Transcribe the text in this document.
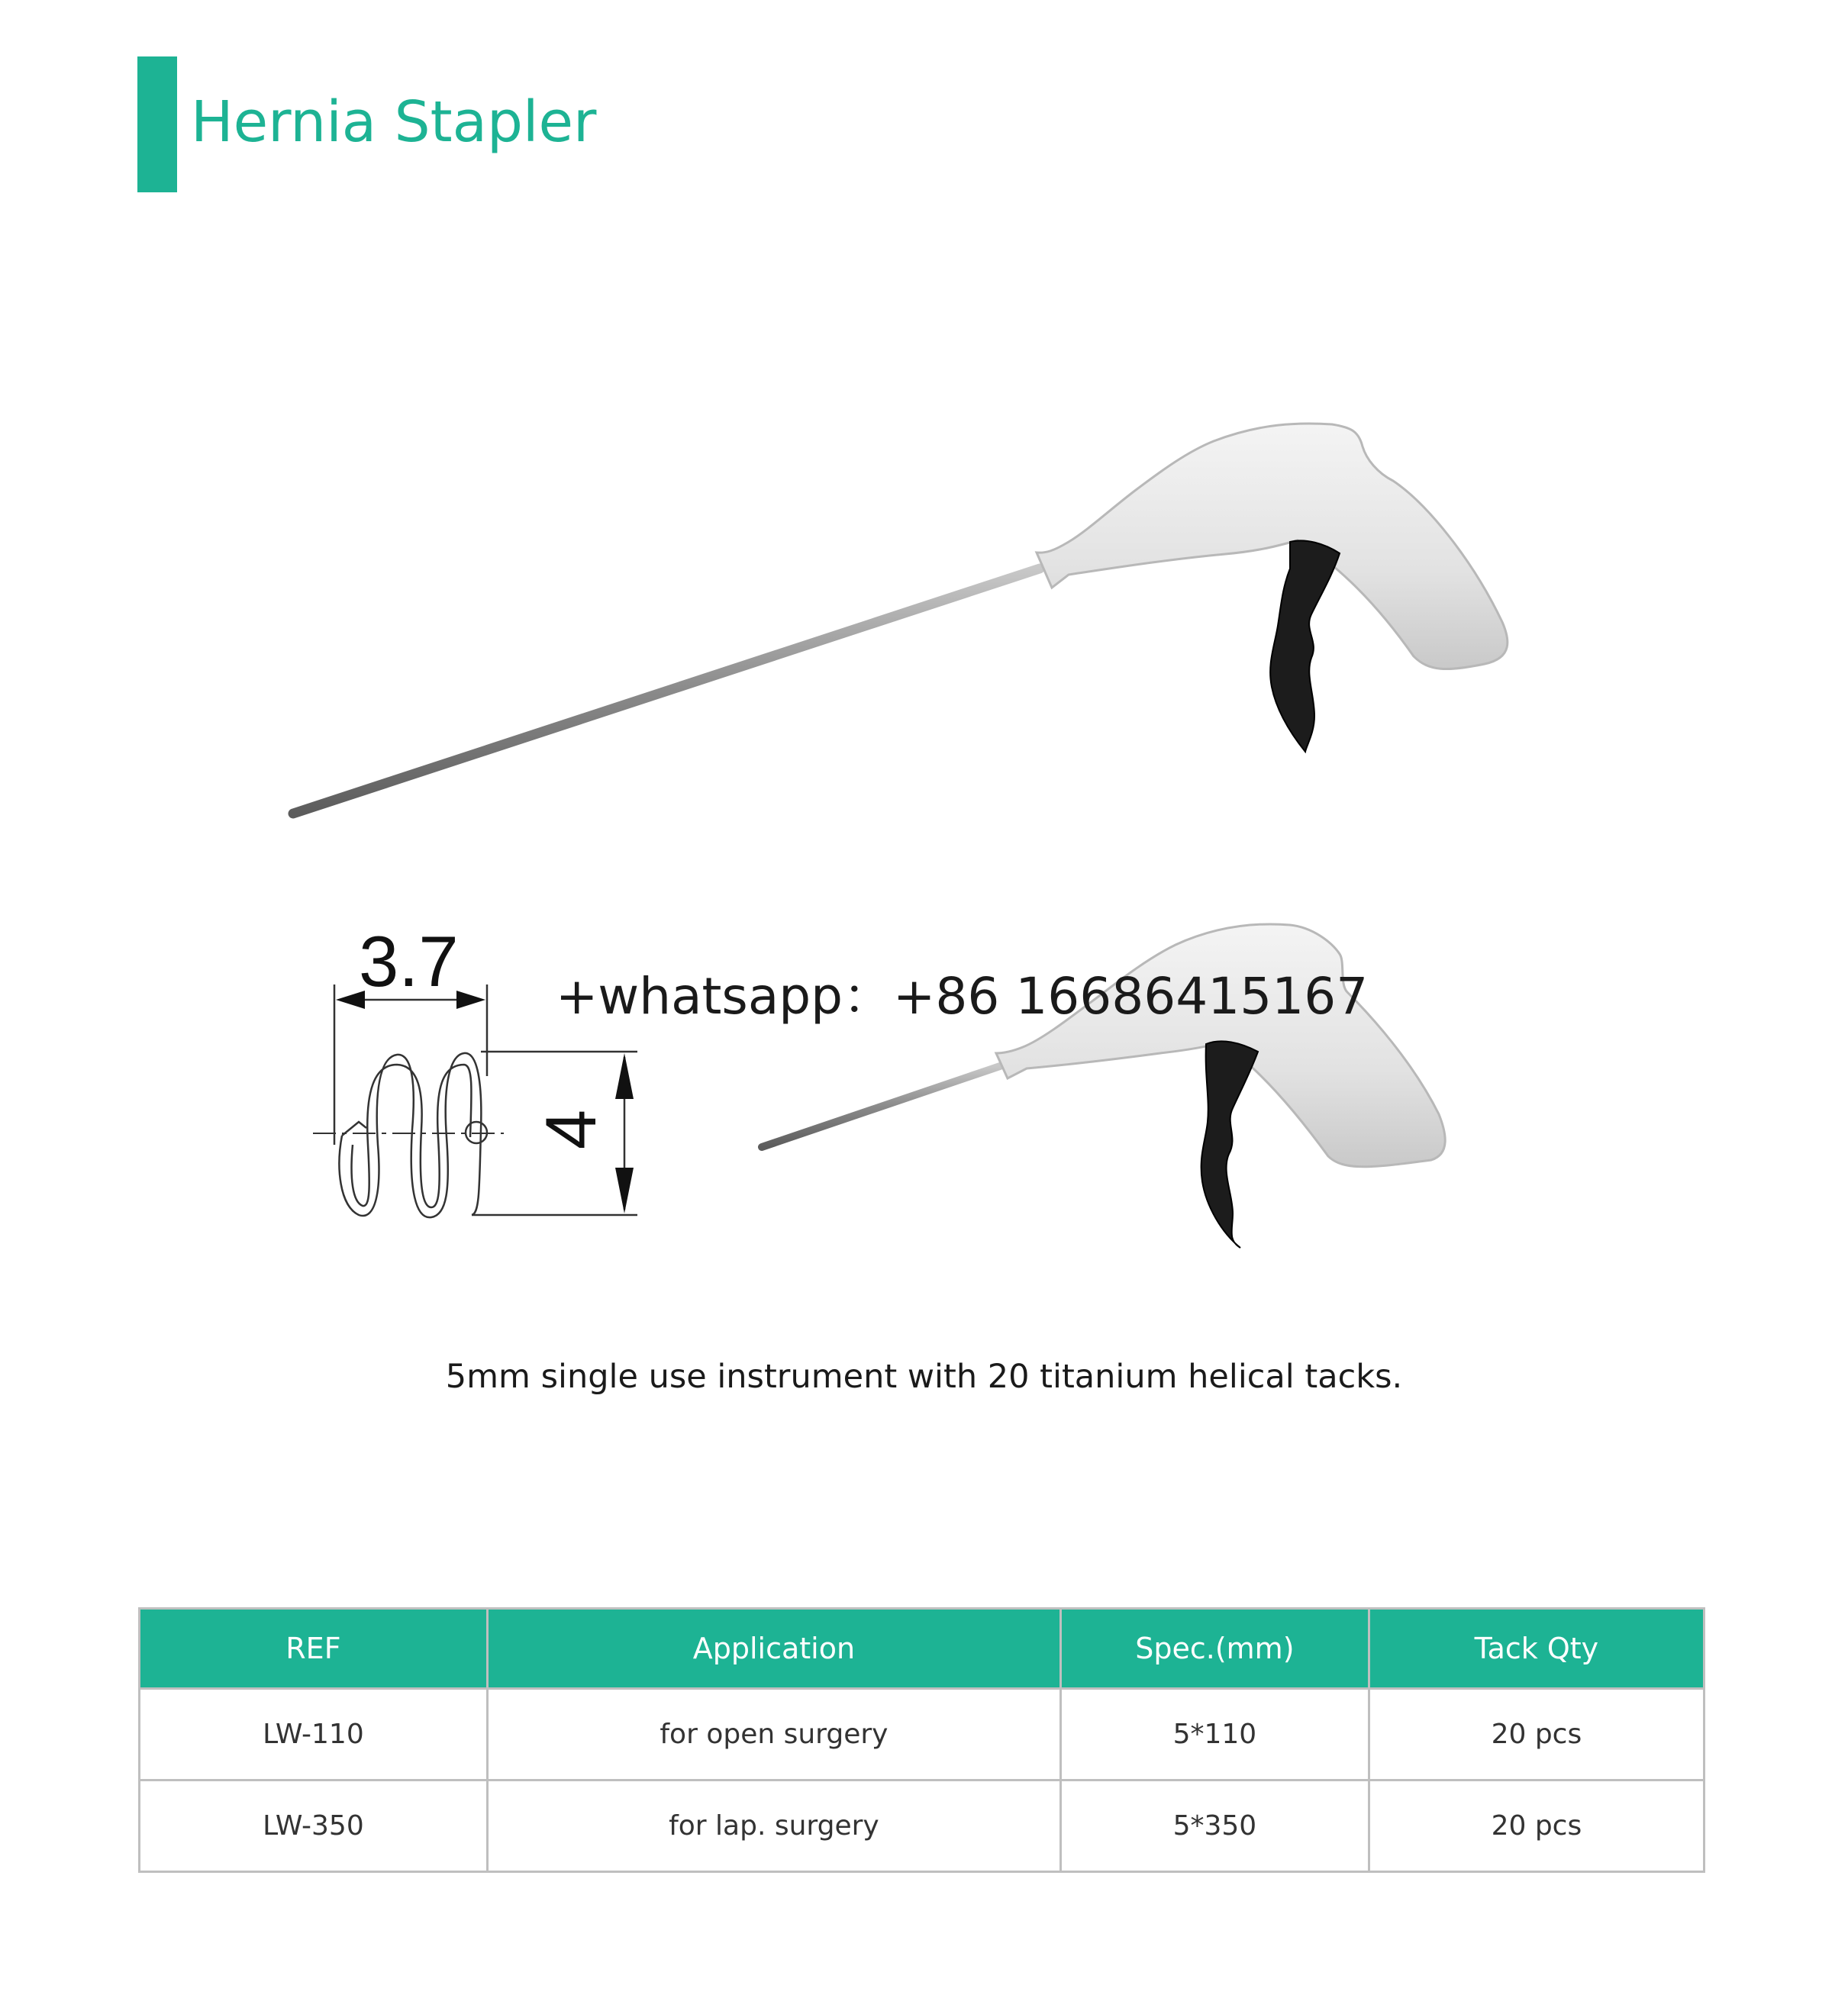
Hernia Stapler
3.7
4
+whatsapp：+86 16686415167
5mm single use instrument with 20 titanium helical tacks.
REF	Application	Spec.(mm)	Tack Qty
LW-110	for open surgery	5*110	20 pcs
LW-350	for lap. surgery	5*350	20 pcs
